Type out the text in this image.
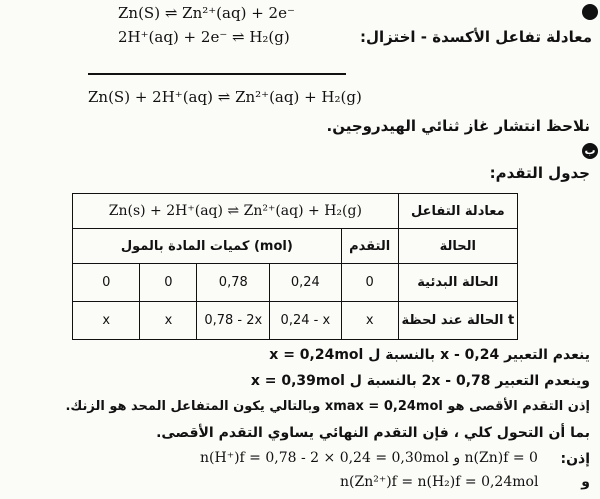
Zn(S) ⇌ Zn²⁺(aq) + 2e⁻
2H⁺(aq) + 2e⁻ ⇌ H₂(g)
Zn(S) + 2H⁺(aq) ⇌ Zn²⁺(aq) + H₂(g)
معادلة تفاعل الأكسدة - اختزال:
نلاحظ انتشار غاز ثنائي الهيدروجين.
ب
جدول التقدم:
Zn(s) + 2H⁺(aq) ⇌ Zn²⁺(aq) + H₂(g)					معادلة التفاعل
كميات المادة بالمول (mol)				التقدم	الحالة
0	0	0,78	0,24	0	الحالة البدئية
x	x	0,78 - 2x	0,24 - x	x	الحالة عند لحظة t
ينعدم التعبير 0,24 - x بالنسبة ل x = 0,24mol
وينعدم التعبير 0,78 - 2x بالنسبة ل x = 0,39mol
إذن التقدم الأقصى هو xmax = 0,24mol وبالتالي يكون المتفاعل المحد هو الزنك.
بما أن التحول كلي ، فإن التقدم النهائي يساوي التقدم الأقصى.
إذن:
n(H⁺)f = 0,78 - 2 × 0,24 = 0,30mol و n(Zn)f = 0
n(Zn²⁺)f = n(H₂)f = 0,24mol	و
